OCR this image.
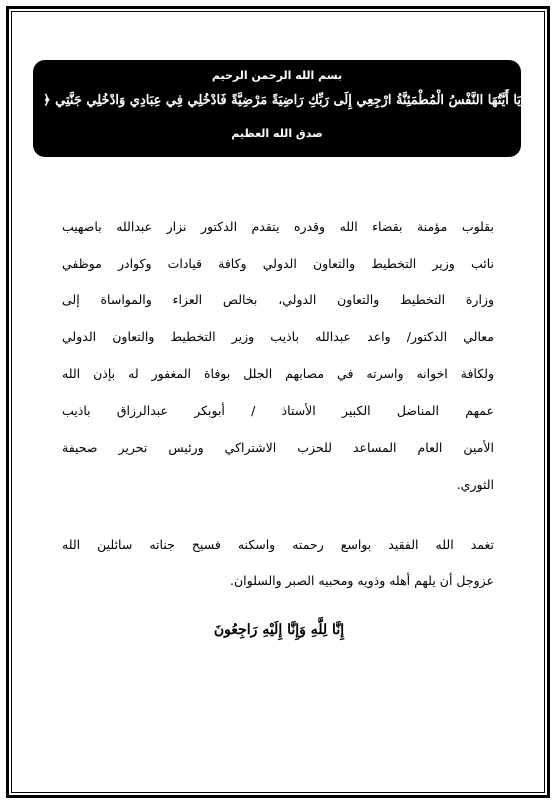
بسم الله الرحمن الرحيم
﴿ يَا أَيَّتُهَا النَّفْسُ الْمُطْمَئِنَّةُ ارْجِعِي إِلَى رَبِّكِ رَاضِيَةً مَرْضِيَّةً فَادْخُلِي فِي عِبَادِي وَادْخُلِي جَنَّتِي ﴾
صدق الله العظيم
بقلوب مؤمنة بقضاء الله وقدره يتقدم الدكتور نزار عبدالله باصهيب
نائب وزير التخطيط والتعاون الدولي وكافة قيادات وكوادر موظفي
وزارة التخطيط والتعاون الدولي، بخالص العزاء والمواساة إلى
معالي الدكتور/ واعد عبدالله باذيب وزير التخطيط والتعاون الدولي
ولكافة اخوانه واسرته في مصابهم الجلل بوفاة المغفور له بإذن الله
عمهم المناضل الكبير الأستاذ / أبوبكر عبدالرزاق باذيب
الأمين العام المساعد للحزب الاشتراكي ورئيس تحرير صحيفة
الثوري.
تغمد الله الفقيد بواسع رحمته واسكنه فسيح جناته سائلين الله
عزوجل أن يلهم أهله وذويه ومحبيه الصبر والسلوان.
إِنَّا لِلَّهِ وَإِنَّا إِلَيْهِ رَاجِعُونَ
